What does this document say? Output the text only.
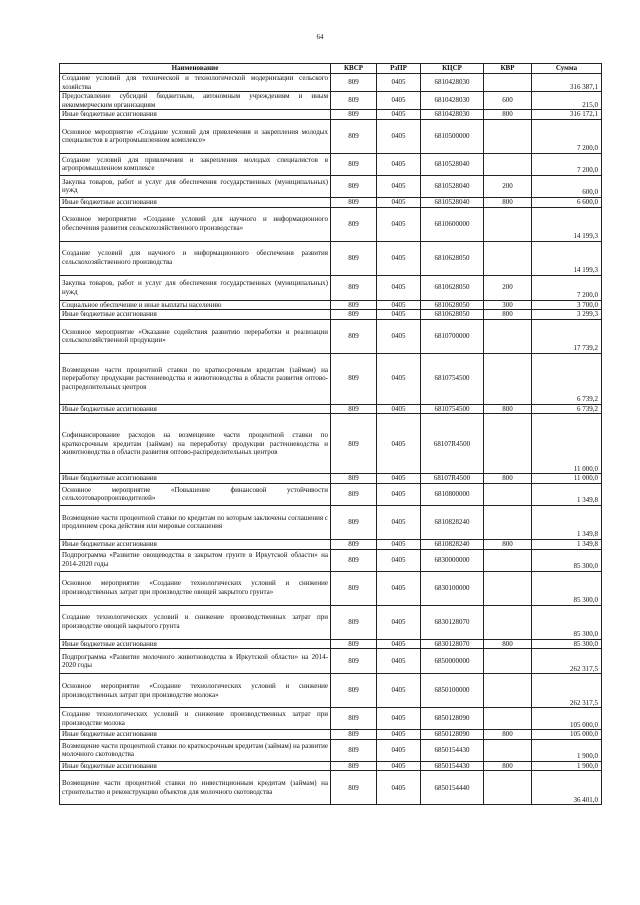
64
Наименование	КВСР	РзПР	КЦСР	КВР	Сумма
Создание условий для технической и технологической модернизации сельского хозяйства	809	0405	6810428030		316 387,1
Предоставление субсидий бюджетным, автономным учреждениям и иным некоммерческим организациям	809	0405	6810428030	600	215,0
Иные бюджетные ассигнования	809	0405	6810428030	800	316 172,1
Основное мероприятие «Создание условий для привлечения и закрепления молодых специалистов в агропромышленном комплексе»	809	0405	6810500000		7 200,0
Создание условий для привлечения и закрепления молодых специалистов в агропромышленном комплексе	809	0405	6810528040		7 200,0
Закупка товаров, работ и услуг для обеспечения государственных (муниципальных) нужд	809	0405	6810528040	200	600,0
Иные бюджетные ассигнования	809	0405	6810528040	800	6 600,0
Основное мероприятие «Создание условий для научного и информационного обеспечения развития сельскохозяйственного производства»	809	0405	6810600000		14 199,3
Создание условий для научного и информационного обеспечения развития сельскохозяйственного производства	809	0405	6810628050		14 199,3
Закупка товаров, работ и услуг для обеспечения государственных (муниципальных) нужд	809	0405	6810628050	200	7 200,0
Социальное обеспечение и иные выплаты населению	809	0405	6810628050	300	3 700,0
Иные бюджетные ассигнования	809	0405	6810628050	800	3 299,3
Основное мероприятие «Оказание содействия развитию переработки и реализации сельскохозяйственной продукции»	809	0405	6810700000		17 739,2
Возмещение части процентной ставки по краткосрочным кредитам (займам) на переработку продукции растениеводства и животноводства в области развития оптово-распределительных центров	809	0405	6810754500		6 739,2
Иные бюджетные ассигнования	809	0405	6810754500	800	6 739,2
Софинансирование расходов на возмещение части процентной ставки по краткосрочным кредитам (займам) на переработку продукции растениеводства и животноводства в области развития оптово-распределительных центров	809	0405	68107R4500		11 000,0
Иные бюджетные ассигнования	809	0405	68107R4500	800	11 000,0
Основное мероприятие «Повышение финансовой устойчивости сельхозтоваропроизводителей»	809	0405	6810800000		1 349,8
Возмещение части процентной ставки по кредитам по которым заключены соглашения с продлением срока действия или мировые соглашения	809	0405	6810828240		1 349,8
Иные бюджетные ассигнования	809	0405	6810828240	800	1 349,8
Подпрограмма «Развитие овощеводства в закрытом грунте в Иркутской области» на 2014-2020 годы	809	0405	6830000000		85 300,0
Основное мероприятие «Создание технологических условий и снижение производственных затрат при производстве овощей закрытого грунта»	809	0405	6830100000		85 300,0
Создание технологических условий и снижение производственных затрат при производстве овощей закрытого грунта	809	0405	6830128070		85 300,0
Иные бюджетные ассигнования	809	0405	6830128070	800	85 300,0
Подпрограмма «Развитие молочного животноводства в Иркутской области» на 2014-2020 годы	809	0405	6850000000		262 317,5
Основное мероприятие «Создание технологических условий и снижение производственных затрат при производстве молока»	809	0405	6850100000		262 317,5
Создание технологических условий и снижение производственных затрат при производстве молока	809	0405	6850128090		105 000,0
Иные бюджетные ассигнования	809	0405	6850128090	800	105 000,0
Возмещение части процентной ставки по краткосрочным кредитам (займам) на развитие молочного скотоводства	809	0405	6850154430		1 900,0
Иные бюджетные ассигнования	809	0405	6850154430	800	1 900,0
Возмещение части процентной ставки по инвестиционным кредитам (займам) на строительство и реконструкцию объектов для молочного скотоводства	809	0405	6850154440		36 401,0
